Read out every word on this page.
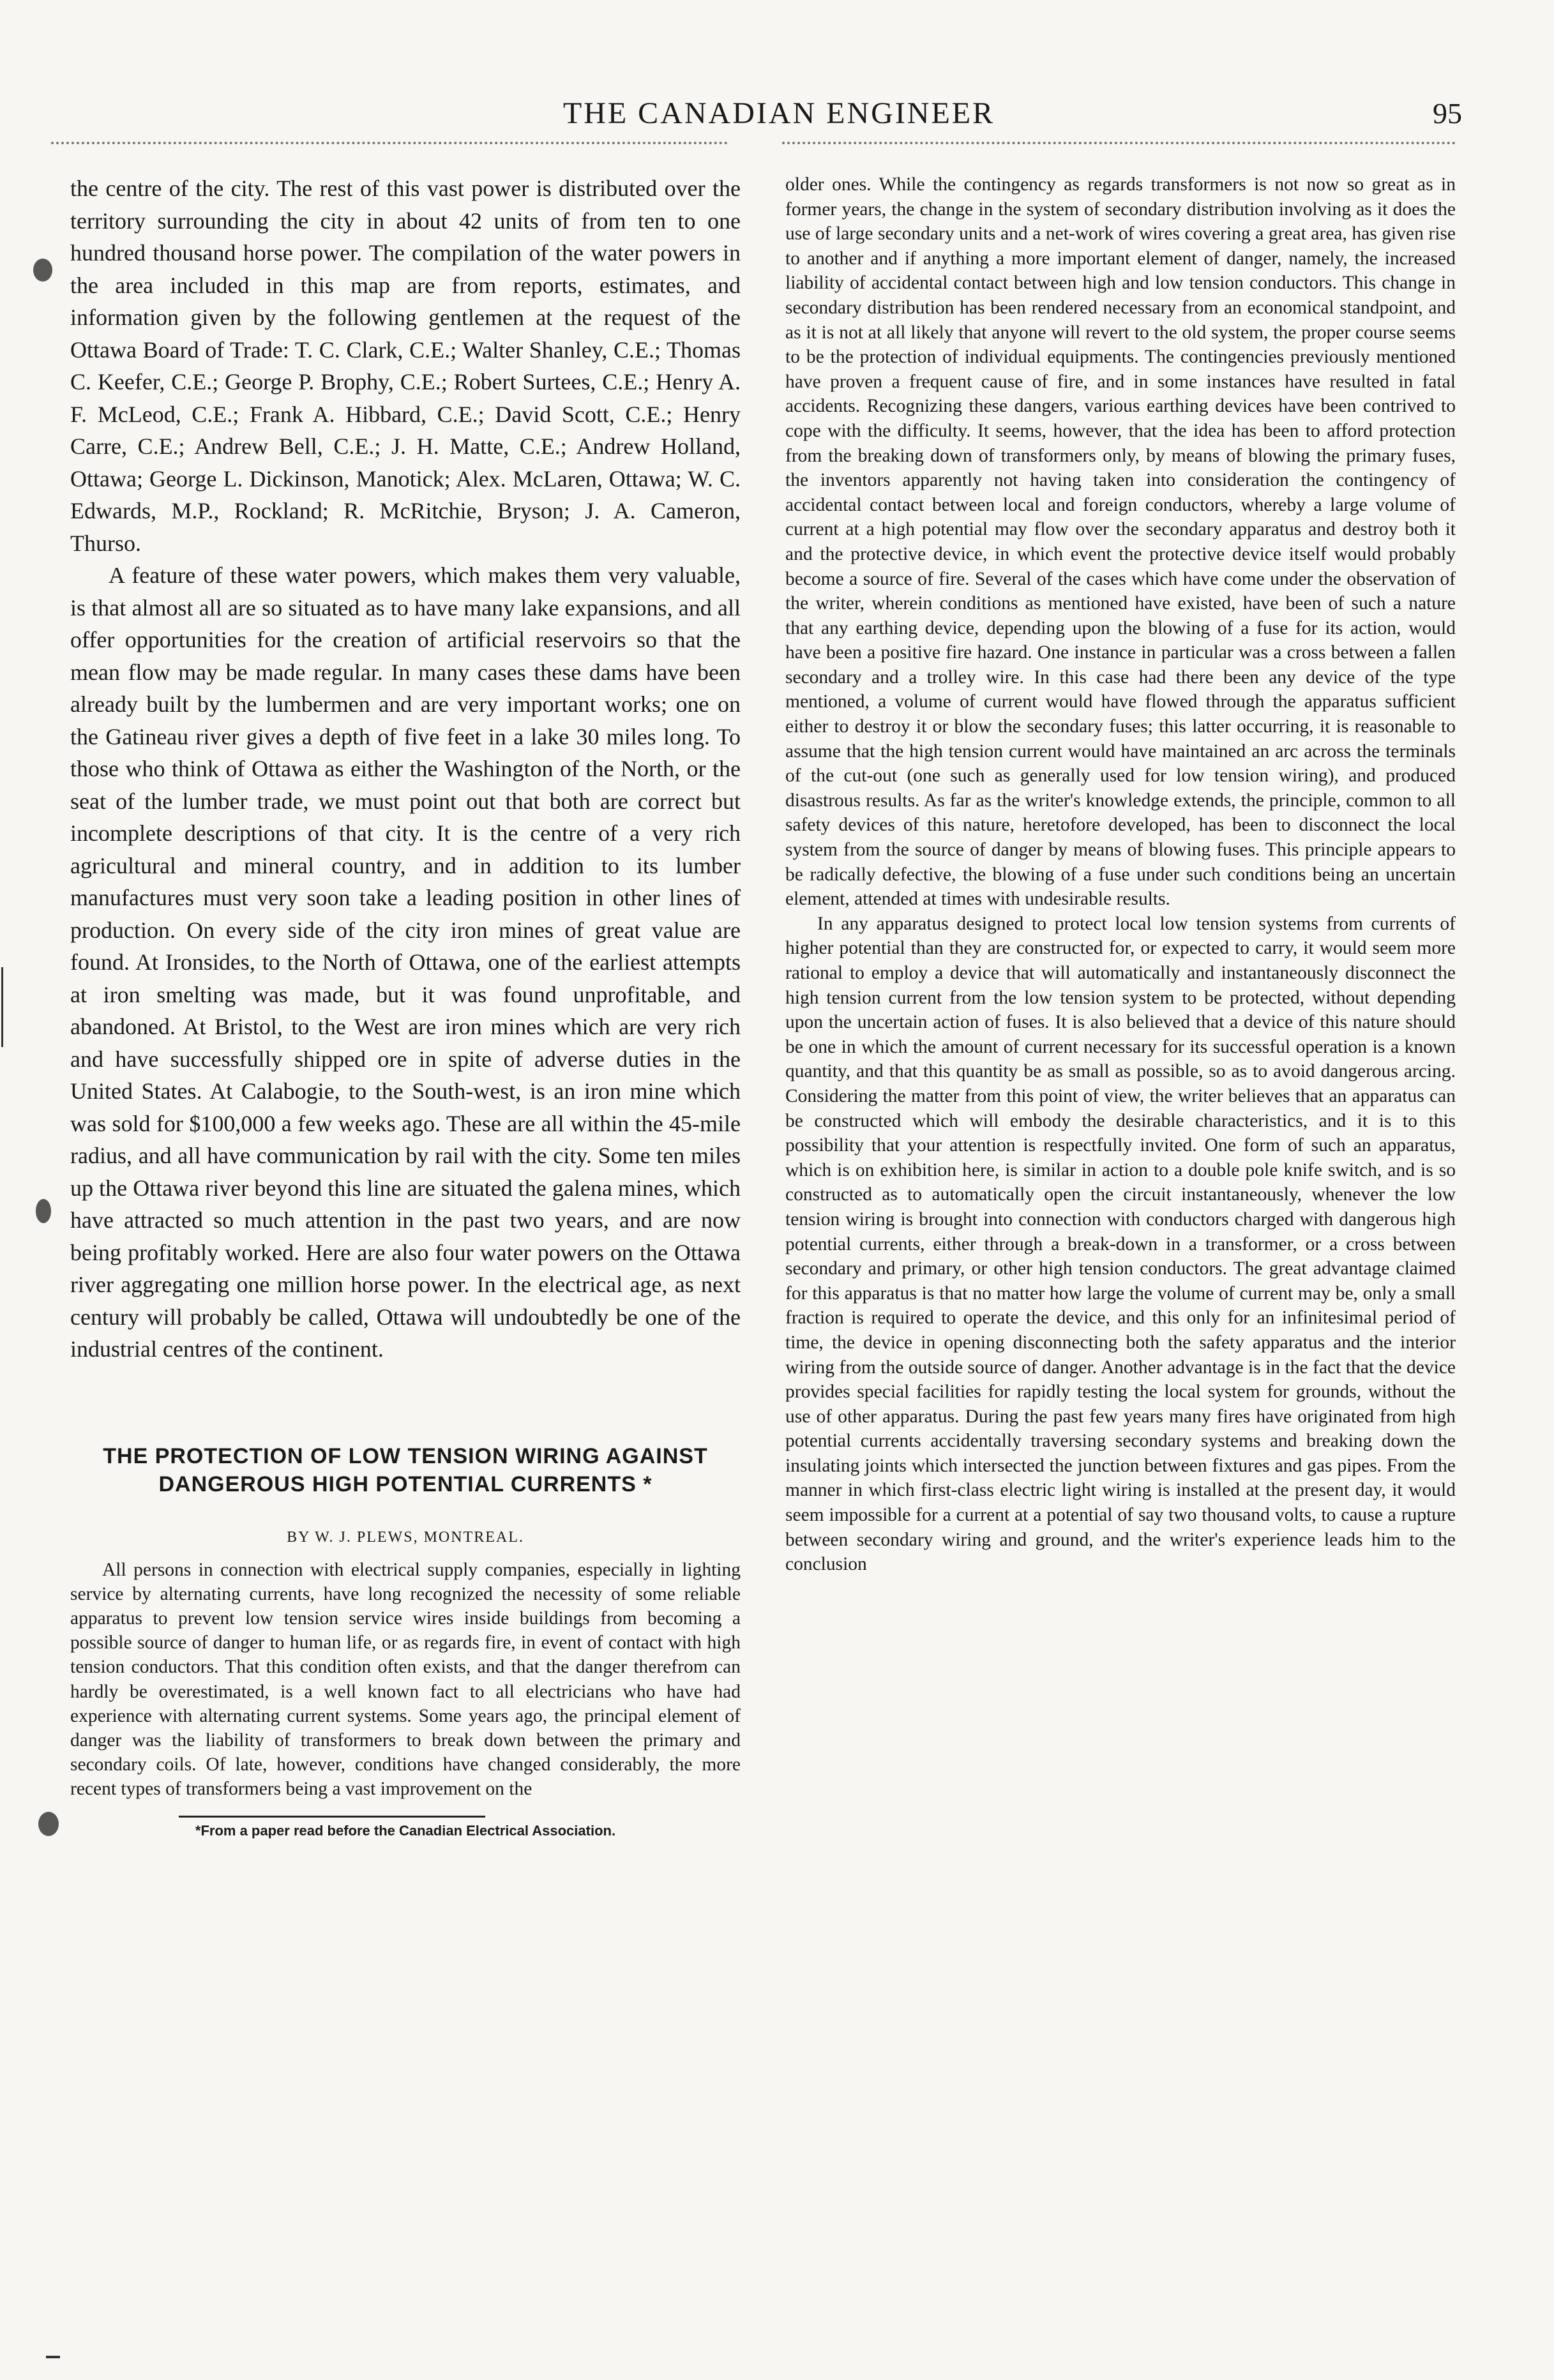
THE CANADIAN ENGINEER	95

the centre of the city. The rest of this vast power is distributed over the territory surrounding the city in about 42 units of from ten to one hundred thousand horse power. The compilation of the water powers in the area included in this map are from reports, estimates, and information given by the following gentlemen at the request of the Ottawa Board of Trade: T. C. Clark, C.E.; Walter Shanley, C.E.; Thomas C. Keefer, C.E.; George P. Brophy, C.E.; Robert Surtees, C.E.; Henry A. F. McLeod, C.E.; Frank A. Hibbard, C.E.; David Scott, C.E.; Henry Carre, C.E.; Andrew Bell, C.E.; J. H. Matte, C.E.; Andrew Holland, Ottawa; George L. Dickinson, Manotick; Alex. McLaren, Ottawa; W. C. Edwards, M.P., Rockland; R. McRitchie, Bryson; J. A. Cameron, Thurso.

A feature of these water powers, which makes them very valuable, is that almost all are so situated as to have many lake expansions, and all offer opportunities for the creation of artificial reservoirs so that the mean flow may be made regular. In many cases these dams have been already built by the lumbermen and are very important works; one on the Gatineau river gives a depth of five feet in a lake 30 miles long. To those who think of Ottawa as either the Washington of the North, or the seat of the lumber trade, we must point out that both are correct but incomplete descriptions of that city. It is the centre of a very rich agricultural and mineral country, and in addition to its lumber manufactures must very soon take a leading position in other lines of production. On every side of the city iron mines of great value are found. At Ironsides, to the North of Ottawa, one of the earliest attempts at iron smelting was made, but it was found unprofitable, and abandoned. At Bristol, to the West are iron mines which are very rich and have successfully shipped ore in spite of adverse duties in the United States. At Calabogie, to the South-west, is an iron mine which was sold for $100,000 a few weeks ago. These are all within the 45-mile radius, and all have communication by rail with the city. Some ten miles up the Ottawa river beyond this line are situated the galena mines, which have attracted so much attention in the past two years, and are now being profitably worked. Here are also four water powers on the Ottawa river aggregating one million horse power. In the electrical age, as next century will probably be called, Ottawa will undoubtedly be one of the industrial centres of the continent.

THE PROTECTION OF LOW TENSION WIRING AGAINST DANGEROUS HIGH POTENTIAL CURRENTS *
BY W. J. PLEWS, MONTREAL.

All persons in connection with electrical supply companies, especially in lighting service by alternating currents, have long recognized the necessity of some reliable apparatus to prevent low tension service wires inside buildings from becoming a possible source of danger to human life, or as regards fire, in event of contact with high tension conductors. That this condition often exists, and that the danger therefrom can hardly be overestimated, is a well known fact to all electricians who have had experience with alternating current systems. Some years ago, the principal element of danger was the liability of transformers to break down between the primary and secondary coils. Of late, however, conditions have changed considerably, the more recent types of transformers being a vast improvement on the

*From a paper read before the Canadian Electrical Association.

older ones. While the contingency as regards transformers is not now so great as in former years, the change in the system of secondary distribution involving as it does the use of large secondary units and a net-work of wires covering a great area, has given rise to another and if anything a more important element of danger, namely, the increased liability of accidental contact between high and low tension conductors. This change in secondary distribution has been rendered necessary from an economical standpoint, and as it is not at all likely that anyone will revert to the old system, the proper course seems to be the protection of individual equipments. The contingencies previously mentioned have proven a frequent cause of fire, and in some instances have resulted in fatal accidents. Recognizing these dangers, various earthing devices have been contrived to cope with the difficulty. It seems, however, that the idea has been to afford protection from the breaking down of transformers only, by means of blowing the primary fuses, the inventors apparently not having taken into consideration the contingency of accidental contact between local and foreign conductors, whereby a large volume of current at a high potential may flow over the secondary apparatus and destroy both it and the protective device, in which event the protective device itself would probably become a source of fire. Several of the cases which have come under the observation of the writer, wherein conditions as mentioned have existed, have been of such a nature that any earthing device, depending upon the blowing of a fuse for its action, would have been a positive fire hazard. One instance in particular was a cross between a fallen secondary and a trolley wire. In this case had there been any device of the type mentioned, a volume of current would have flowed through the apparatus sufficient either to destroy it or blow the secondary fuses; this latter occurring, it is reasonable to assume that the high tension current would have maintained an arc across the terminals of the cut-out (one such as generally used for low tension wiring), and produced disastrous results. As far as the writer's knowledge extends, the principle, common to all safety devices of this nature, heretofore developed, has been to disconnect the local system from the source of danger by means of blowing fuses. This principle appears to be radically defective, the blowing of a fuse under such conditions being an uncertain element, attended at times with undesirable results.

In any apparatus designed to protect local low tension systems from currents of higher potential than they are constructed for, or expected to carry, it would seem more rational to employ a device that will automatically and instantaneously disconnect the high tension current from the low tension system to be protected, without depending upon the uncertain action of fuses. It is also believed that a device of this nature should be one in which the amount of current necessary for its successful operation is a known quantity, and that this quantity be as small as possible, so as to avoid dangerous arcing. Considering the matter from this point of view, the writer believes that an apparatus can be constructed which will embody the desirable characteristics, and it is to this possibility that your attention is respectfully invited. One form of such an apparatus, which is on exhibition here, is similar in action to a double pole knife switch, and is so constructed as to automatically open the circuit instantaneously, whenever the low tension wiring is brought into connection with conductors charged with dangerous high potential currents, either through a break-down in a transformer, or a cross between secondary and primary, or other high tension conductors. The great advantage claimed for this apparatus is that no matter how large the volume of current may be, only a small fraction is required to operate the device, and this only for an infinitesimal period of time, the device in opening disconnecting both the safety apparatus and the interior wiring from the outside source of danger. Another advantage is in the fact that the device provides special facilities for rapidly testing the local system for grounds, without the use of other apparatus. During the past few years many fires have originated from high potential currents accidentally traversing secondary systems and breaking down the insulating joints which intersected the junction between fixtures and gas pipes. From the manner in which first-class electric light wiring is installed at the present day, it would seem impossible for a current at a potential of say two thousand volts, to cause a rupture between secondary wiring and ground, and the writer's experience leads him to the conclusion
